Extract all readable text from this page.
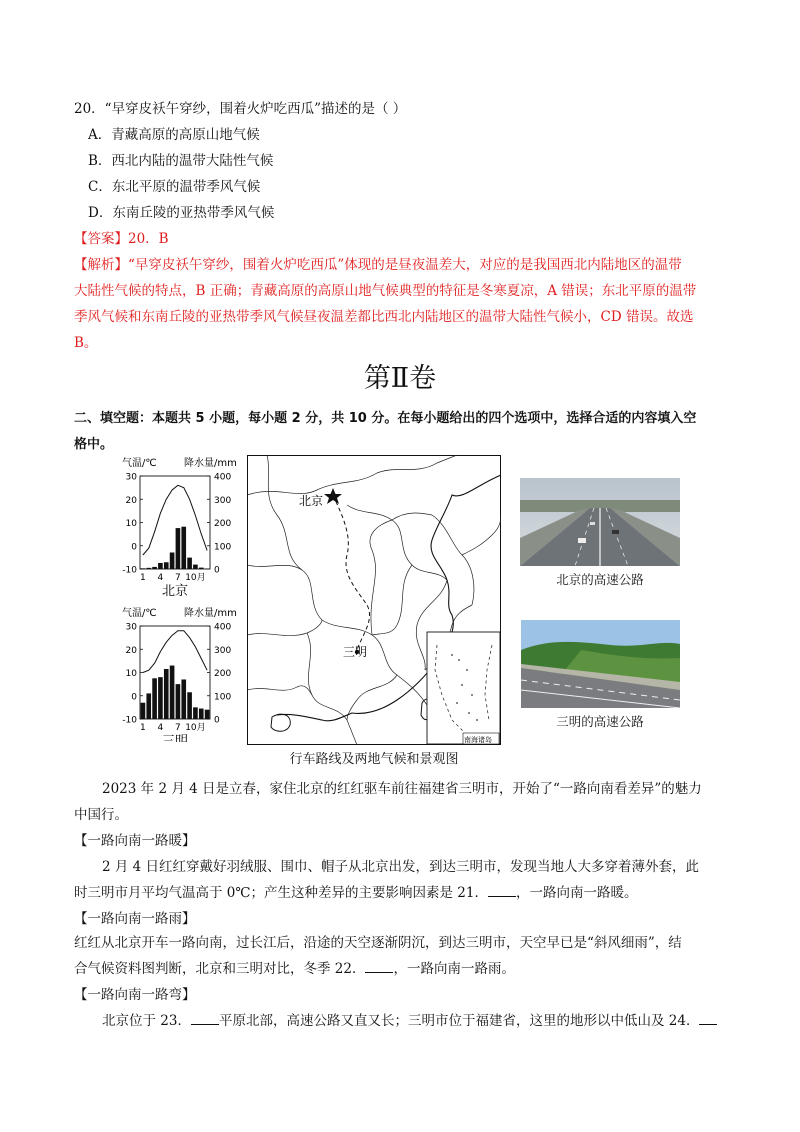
20．“早穿皮袄午穿纱，围着火炉吃西瓜”描述的是（ ）
A．青藏高原的高原山地气候
B．西北内陆的温带大陆性气候
C．东北平原的温带季风气候
D．东南丘陵的亚热带季风气候
【答案】20．B
【解析】“早穿皮袄午穿纱，围着火炉吃西瓜”体现的是昼夜温差大，对应的是我国西北内陆地区的温带
大陆性气候的特点，B 正确；青藏高原的高原山地气候典型的特征是冬寒夏凉，A 错误；东北平原的温带
季风气候和东南丘陵的亚热带季风气候昼夜温差都比西北内陆地区的温带大陆性气候小，CD 错误。故选
B。
第Ⅱ卷
二、填空题：本题共 5 小题，每小题 2 分，共 10 分。在每小题给出的四个选项中，选择合适的内容填入空
格中。
气温/℃	降水量/mm
30
20
10
0
-10
400
300
200
100
0
1 4 7 10月
北京
气温/℃	降水量/mm
30
20
10
0
-10
400
300
200
100
0
1 4 7 10月
三明	南海诸岛
北京
三明
北京的高速公路
三明的高速公路
行车路线及两地气候和景观图
2023 年 2 月 4 日是立春，家住北京的红红驱车前往福建省三明市，开始了“一路向南看差异”的魅力
中国行。
【一路向南一路暖】
2 月 4 日红红穿戴好羽绒服、围巾、帽子从北京出发，到达三明市，发现当地人大多穿着薄外套，此
时三明市月平均气温高于 0℃；产生这种差异的主要影响因素是 21． ，一路向南一路暖。
【一路向南一路雨】
红红从北京开车一路向南，过长江后，沿途的天空逐渐阴沉，到达三明市，天空早已是“斜风细雨”，结
合气候资料图判断，北京和三明对比，冬季 22． ，一路向南一路雨。
【一路向南一路弯】
北京位于 23． 平原北部，高速公路又直又长；三明市位于福建省，这里的地形以中低山及 24．
